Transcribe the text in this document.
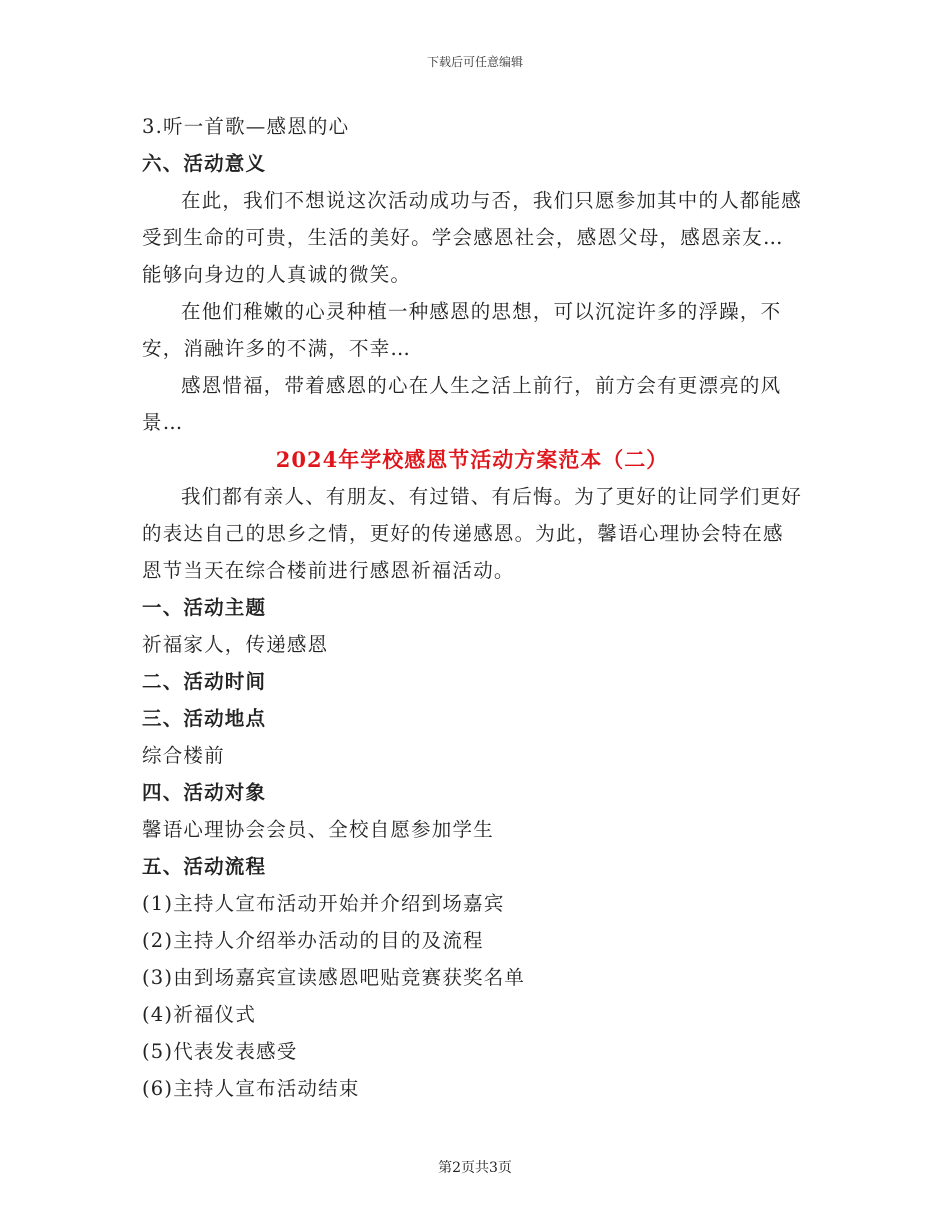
下载后可任意编辑

3.听一首歌—感恩的心

六、活动意义

在此，我们不想说这次活动成功与否，我们只愿参加其中的人都能感受到生命的可贵，生活的美好。学会感恩社会，感恩父母，感恩亲友…能够向身边的人真诚的微笑。

在他们稚嫩的心灵种植一种感恩的思想，可以沉淀许多的浮躁，不安，消融许多的不满，不幸…

感恩惜福，带着感恩的心在人生之活上前行，前方会有更漂亮的风景…

2024年学校感恩节活动方案范本（二）

我们都有亲人、有朋友、有过错、有后悔。为了更好的让同学们更好的表达自己的思乡之情，更好的传递感恩。为此，馨语心理协会特在感恩节当天在综合楼前进行感恩祈福活动。

一、活动主题

祈福家人，传递感恩

二、活动时间

三、活动地点

综合楼前

四、活动对象

馨语心理协会会员、全校自愿参加学生

五、活动流程

(1)主持人宣布活动开始并介绍到场嘉宾

(2)主持人介绍举办活动的目的及流程

(3)由到场嘉宾宣读感恩吧贴竞赛获奖名单

(4)祈福仪式

(5)代表发表感受

(6)主持人宣布活动结束

第2页共3页
